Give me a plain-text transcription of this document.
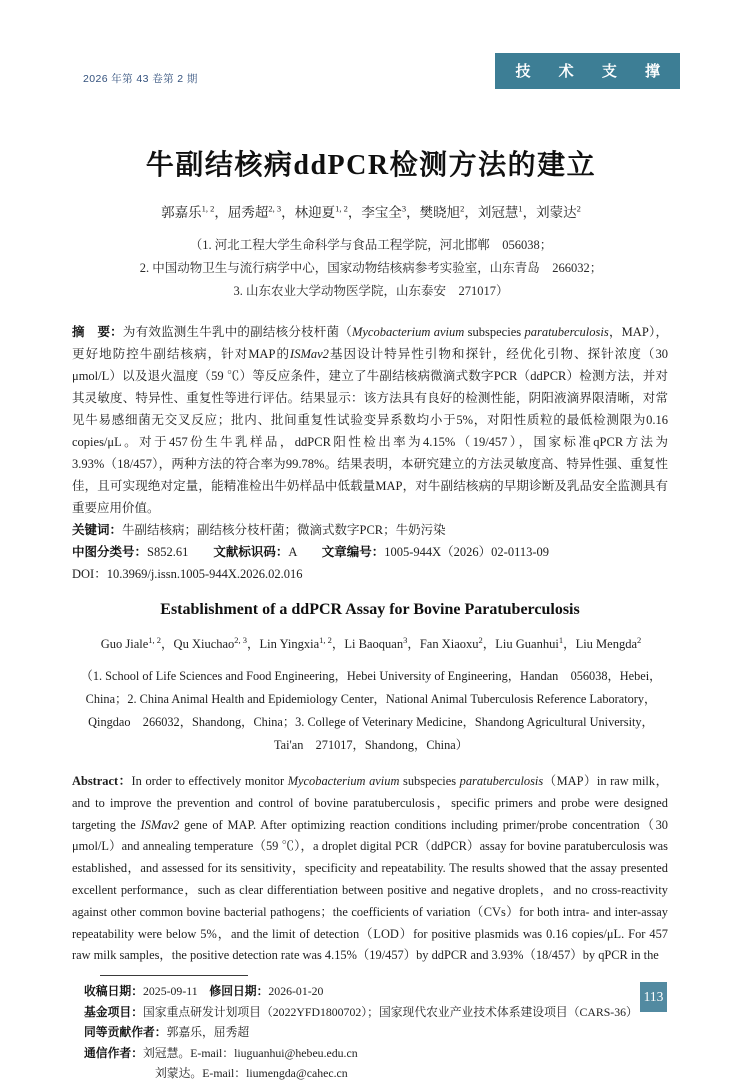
2026 年第 43 卷第 2 期	技 术 支 撑
牛副结核病ddPCR检测方法的建立
郭嘉乐$^{1, 2}$，屈秀超$^{2, 3}$，林迎夏$^{1, 2}$，李宝全$^3$，樊晓旭$^2$，刘冠慧$^1$，刘蒙达$^2$
（1. 河北工程大学生命科学与食品工程学院，河北邯郸　056038；
2. 中国动物卫生与流行病学中心，国家动物结核病参考实验室，山东青岛　266032；
3. 山东农业大学动物医学院，山东泰安　271017）

摘　要：为有效监测生牛乳中的副结核分枝杆菌（Mycobacterium avium subspecies paratuberculosis，MAP），更好地防控牛副结核病，针对MAP的ISMav2基因设计特异性引物和探针，经优化引物、探针浓度（30 μmol/L）以及退火温度（59 ℃）等反应条件，建立了牛副结核病微滴式数字PCR（ddPCR）检测方法，并对其灵敏度、特异性、重复性等进行评估。结果显示：该方法具有良好的检测性能，阴阳液滴界限清晰，对常见牛易感细菌无交叉反应；批内、批间重复性试验变异系数均小于5%，对阳性质粒的最低检测限为0.16 copies/μL。对于457份生牛乳样品，ddPCR阳性检出率为4.15%（19/457），国家标准qPCR方法为3.93%（18/457），两种方法的符合率为99.78%。结果表明，本研究建立的方法灵敏度高、特异性强、重复性佳，且可实现绝对定量，能精准检出牛奶样品中低载量MAP，对牛副结核病的早期诊断及乳品安全监测具有重要应用价值。

关键词：牛副结核病；副结核分枝杆菌；微滴式数字PCR；牛奶污染

中图分类号：S852.61　　文献标识码：A　　文章编号：1005-944X（2026）02-0113-09

DOI：10.3969/j.issn.1005-944X.2026.02.016

Establishment of a ddPCR Assay for Bovine Paratuberculosis
Guo Jiale$^{1, 2}$，Qu Xiuchao$^{2, 3}$，Lin Yingxia$^{1, 2}$，Li Baoquan$^3$，Fan Xiaoxu$^2$，Liu Guanhui$^1$，Liu Mengda$^2$
（1. School of Life Sciences and Food Engineering，Hebei University of Engineering，Handan　056038，Hebei，
China；2. China Animal Health and Epidemiology Center，National Animal Tuberculosis Reference Laboratory，
Qingdao　266032，Shandong，China；3. College of Veterinary Medicine，Shandong Agricultural University，
Tai'an　271017，Shandong，China）

Abstract：In order to effectively monitor Mycobacterium avium subspecies paratuberculosis（MAP）in raw milk，and to improve the prevention and control of bovine paratuberculosis，specific primers and probe were designed targeting the ISMav2 gene of MAP. After optimizing reaction conditions including primer/probe concentration（30 μmol/L）and annealing temperature（59 ℃），a droplet digital PCR（ddPCR）assay for bovine paratuberculosis was established，and assessed for its sensitivity，specificity and repeatability. The results showed that the assay presented excellent performance，such as clear differentiation between positive and negative droplets，and no cross-reactivity against other common bovine bacterial pathogens；the coefficients of variation（CVs）for both intra- and inter-assay repeatability were below 5%，and the limit of detection（LOD）for positive plasmids was 0.16 copies/μL. For 457 raw milk samples，the positive detection rate was 4.15%（19/457）by ddPCR and 3.93%（18/457）by qPCR in the

收稿日期：2025-09-11　修回日期：2026-01-20

基金项目：国家重点研发计划项目（2022YFD1800702）；国家现代农业产业技术体系建设项目（CARS-36）

同等贡献作者：郭嘉乐，屈秀超

通信作者：刘冠慧。E-mail：liuguanhui@hebeu.edu.cn

刘蒙达。E-mail：liumengda@cahec.cn

113
